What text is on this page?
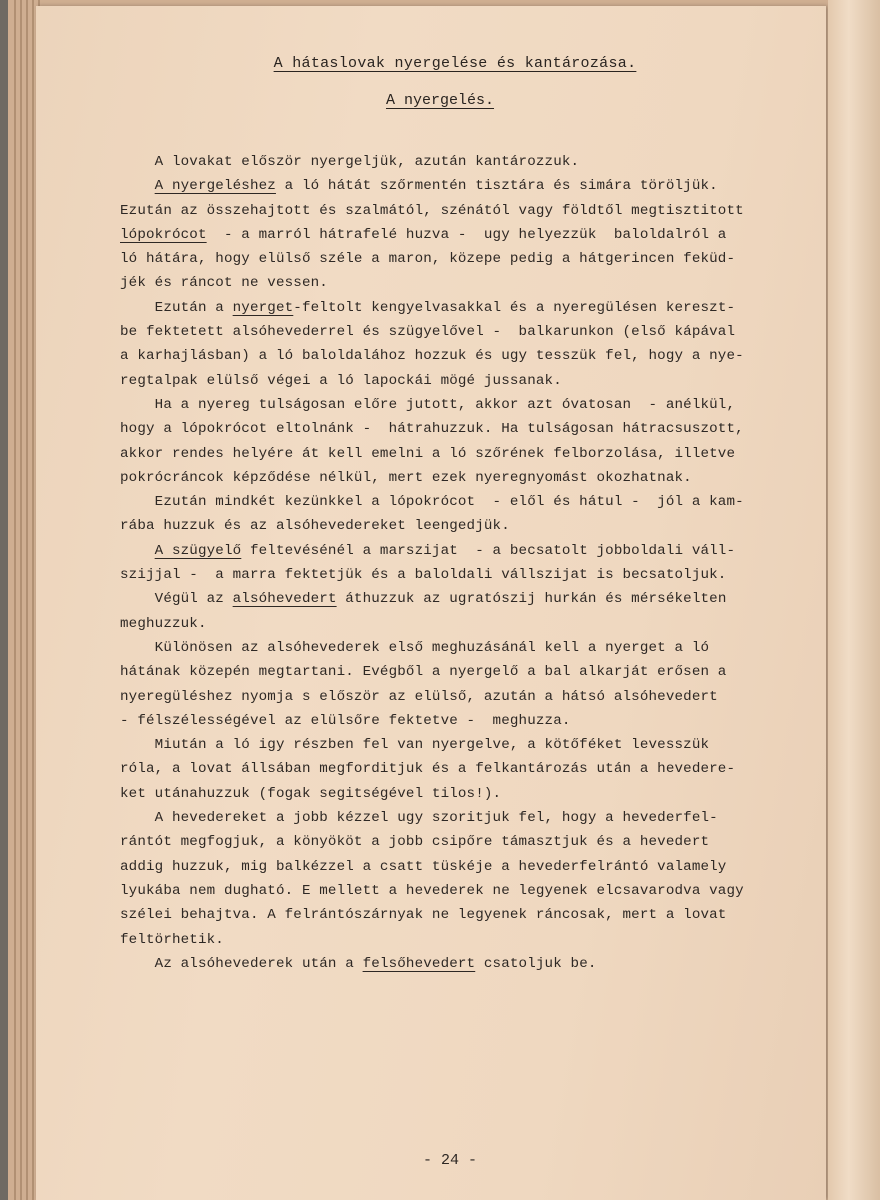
A hátaslovak nyergelése és kantározása.
A nyergelés.
A lovakat először nyergeljük, azután kantározzuk.
A nyergeléshez a ló hátát szőrmentén tisztára és simára töröljük.
Ezután az összehajtott és szalmától, szénától vagy földtől megtisztitott
lópokrócot  - a marról hátrafelé huzva -  ugy helyezzük  baloldalról a
ló hátára, hogy elülső széle a maron, közepe pedig a hátgerincen feküd-
jék és ráncot ne vessen.
Ezután a nyerget-feltolt kengyelvasakkal és a nyeregülésen kereszt-
be fektetett alsóhevederrel és szügyelővel -  balkarunkon (első kápával
a karhajlásban) a ló baloldalához hozzuk és ugy tesszük fel, hogy a nye-
regtalpak elülső végei a ló lapockái mögé jussanak.
Ha a nyereg tulságosan előre jutott, akkor azt óvatosan  - anélkül,
hogy a lópokrócot eltolnánk -  hátrahuzzuk. Ha tulságosan hátracsuszott,
akkor rendes helyére át kell emelni a ló szőrének felborzolása, illetve
pokrócráncok képződése nélkül, mert ezek nyeregnyomást okozhatnak.
Ezután mindkét kezünkkel a lópokrócot  - elől és hátul -  jól a kam-
rába huzzuk és az alsóhevedereket leengedjük.
A szügyelő feltevésénél a marszijat  - a becsatolt jobboldali váll-
szijjal -  a marra fektetjük és a baloldali vállszijat is becsatoljuk.
Végül az alsóhevedert áthuzzuk az ugratószij hurkán és mérsékelten
meghuzzuk.
Különösen az alsóhevederek első meghuzásánál kell a nyerget a ló
hátának közepén megtartani. Evégből a nyergelő a bal alkarját erősen a
nyeregüléshez nyomja s először az elülső, azután a hátsó alsóhevedert
- félszélességével az elülsőre fektetve -  meghuzza.
Miután a ló igy részben fel van nyergelve, a kötőféket levesszük
róla, a lovat állsában megforditjuk és a felkantározás után a hevedere-
ket utánahuzzuk (fogak segitségével tilos!).
A hevedereket a jobb kézzel ugy szoritjuk fel, hogy a hevederfel-
rántót megfogjuk, a könyököt a jobb csipőre támasztjuk és a hevedert
addig huzzuk, mig balkézzel a csatt tüskéje a hevederfelrántó valamely
lyukába nem dugható. E mellett a hevederek ne legyenek elcsavarodva vagy
szélei behajtva. A felrántószárnyak ne legyenek ráncosak, mert a lovat
feltörhetik.
Az alsóhevederek után a felsőhevedert csatoljuk be.
- 24 -
